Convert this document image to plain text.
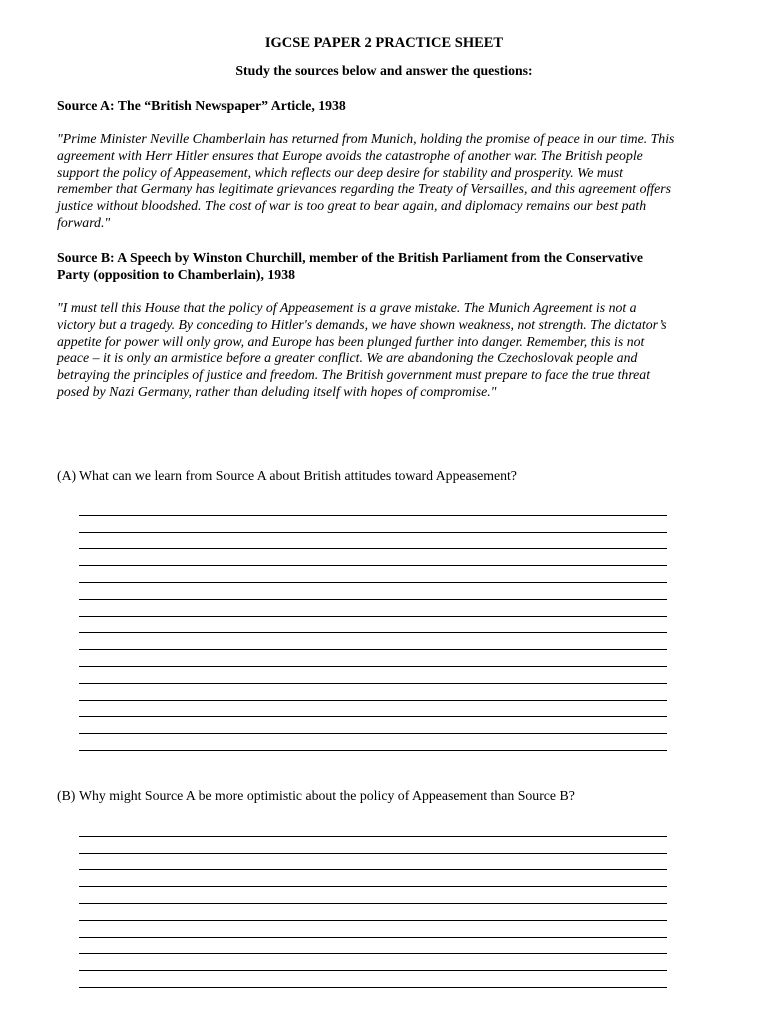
IGCSE PAPER 2 PRACTICE SHEET
Study the sources below and answer the questions:
Source A: The “British Newspaper” Article, 1938
"Prime Minister Neville Chamberlain has returned from Munich, holding the promise of peace in our time. This agreement with Herr Hitler ensures that Europe avoids the catastrophe of another war. The British people support the policy of Appeasement, which reflects our deep desire for stability and prosperity. We must remember that Germany has legitimate grievances regarding the Treaty of Versailles, and this agreement offers justice without bloodshed. The cost of war is too great to bear again, and diplomacy remains our best path forward."
Source B: A Speech by Winston Churchill, member of the British Parliament from the Conservative Party (opposition to Chamberlain), 1938
"I must tell this House that the policy of Appeasement is a grave mistake. The Munich Agreement is not a victory but a tragedy. By conceding to Hitler's demands, we have shown weakness, not strength. The dictator’s appetite for power will only grow, and Europe has been plunged further into danger. Remember, this is not peace – it is only an armistice before a greater conflict. We are abandoning the Czechoslovak people and betraying the principles of justice and freedom. The British government must prepare to face the true threat posed by Nazi Germany, rather than deluding itself with hopes of compromise."
(A) What can we learn from Source A about British attitudes toward Appeasement?
(B) Why might Source A be more optimistic about the policy of Appeasement than Source B?
